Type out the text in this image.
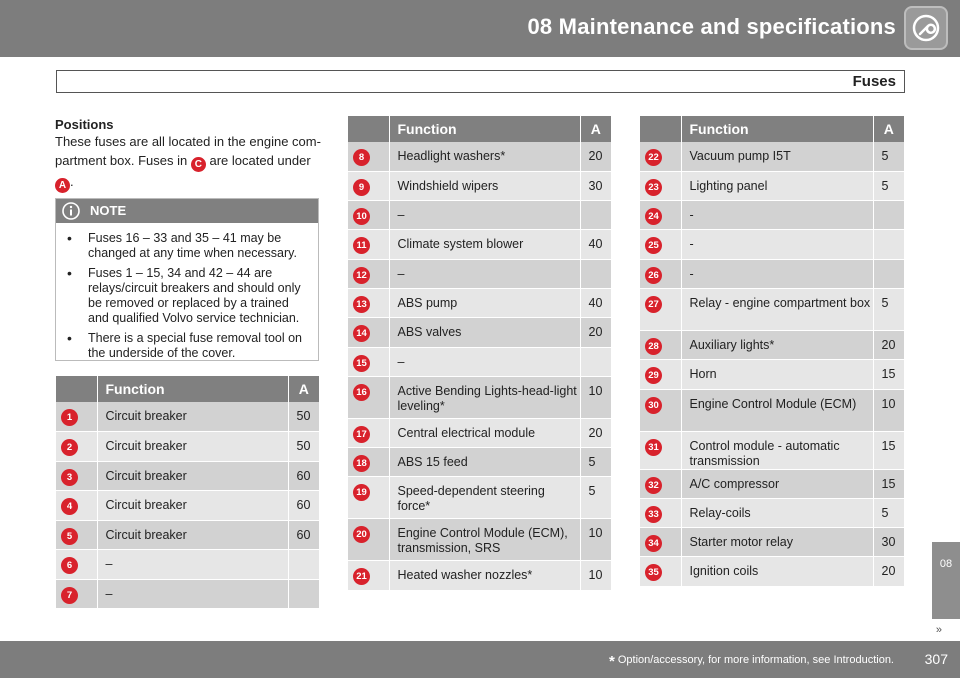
08 Maintenance and specifications
Fuses
Positions
These fuses are all located in the engine com-partment box. Fuses in C are located under
A .
NOTE
• Fuses 16 – 33 and 35 – 41 may be changed at any time when necessary.
• Fuses 1 – 15, 34 and 42 – 44 are relays/circuit breakers and should only be removed or replaced by a trained and qualified Volvo service technician.
• There is a special fuse removal tool on the underside of the cover.
	Function	A
1	Circuit breaker	50
2	Circuit breaker	50
3	Circuit breaker	60
4	Circuit breaker	60
5	Circuit breaker	60
6	–	
7	–	
	Function	A
8	Headlight washers*	20
9	Windshield wipers	30
10	–	
11	Climate system blower	40
12	–	
13	ABS pump	40
14	ABS valves	20
15	–	
16	Active Bending Lights-head-light leveling*	10
17	Central electrical module	20
18	ABS 15 feed	5
19	Speed-dependent steering force*	5
20	Engine Control Module (ECM), transmission, SRS	10
21	Heated washer nozzles*	10
	Function	A
22	Vacuum pump I5T	5
23	Lighting panel	5
24	-	
25	-	
26	-	
27	Relay - engine compartment box	5
28	Auxiliary lights*	20
29	Horn	15
30	Engine Control Module (ECM)	10
31	Control module - automatic transmission	15
32	A/C compressor	15
33	Relay-coils	5
34	Starter motor relay	30
35	Ignition coils	20
08
»
* Option/accessory, for more information, see Introduction. 307
